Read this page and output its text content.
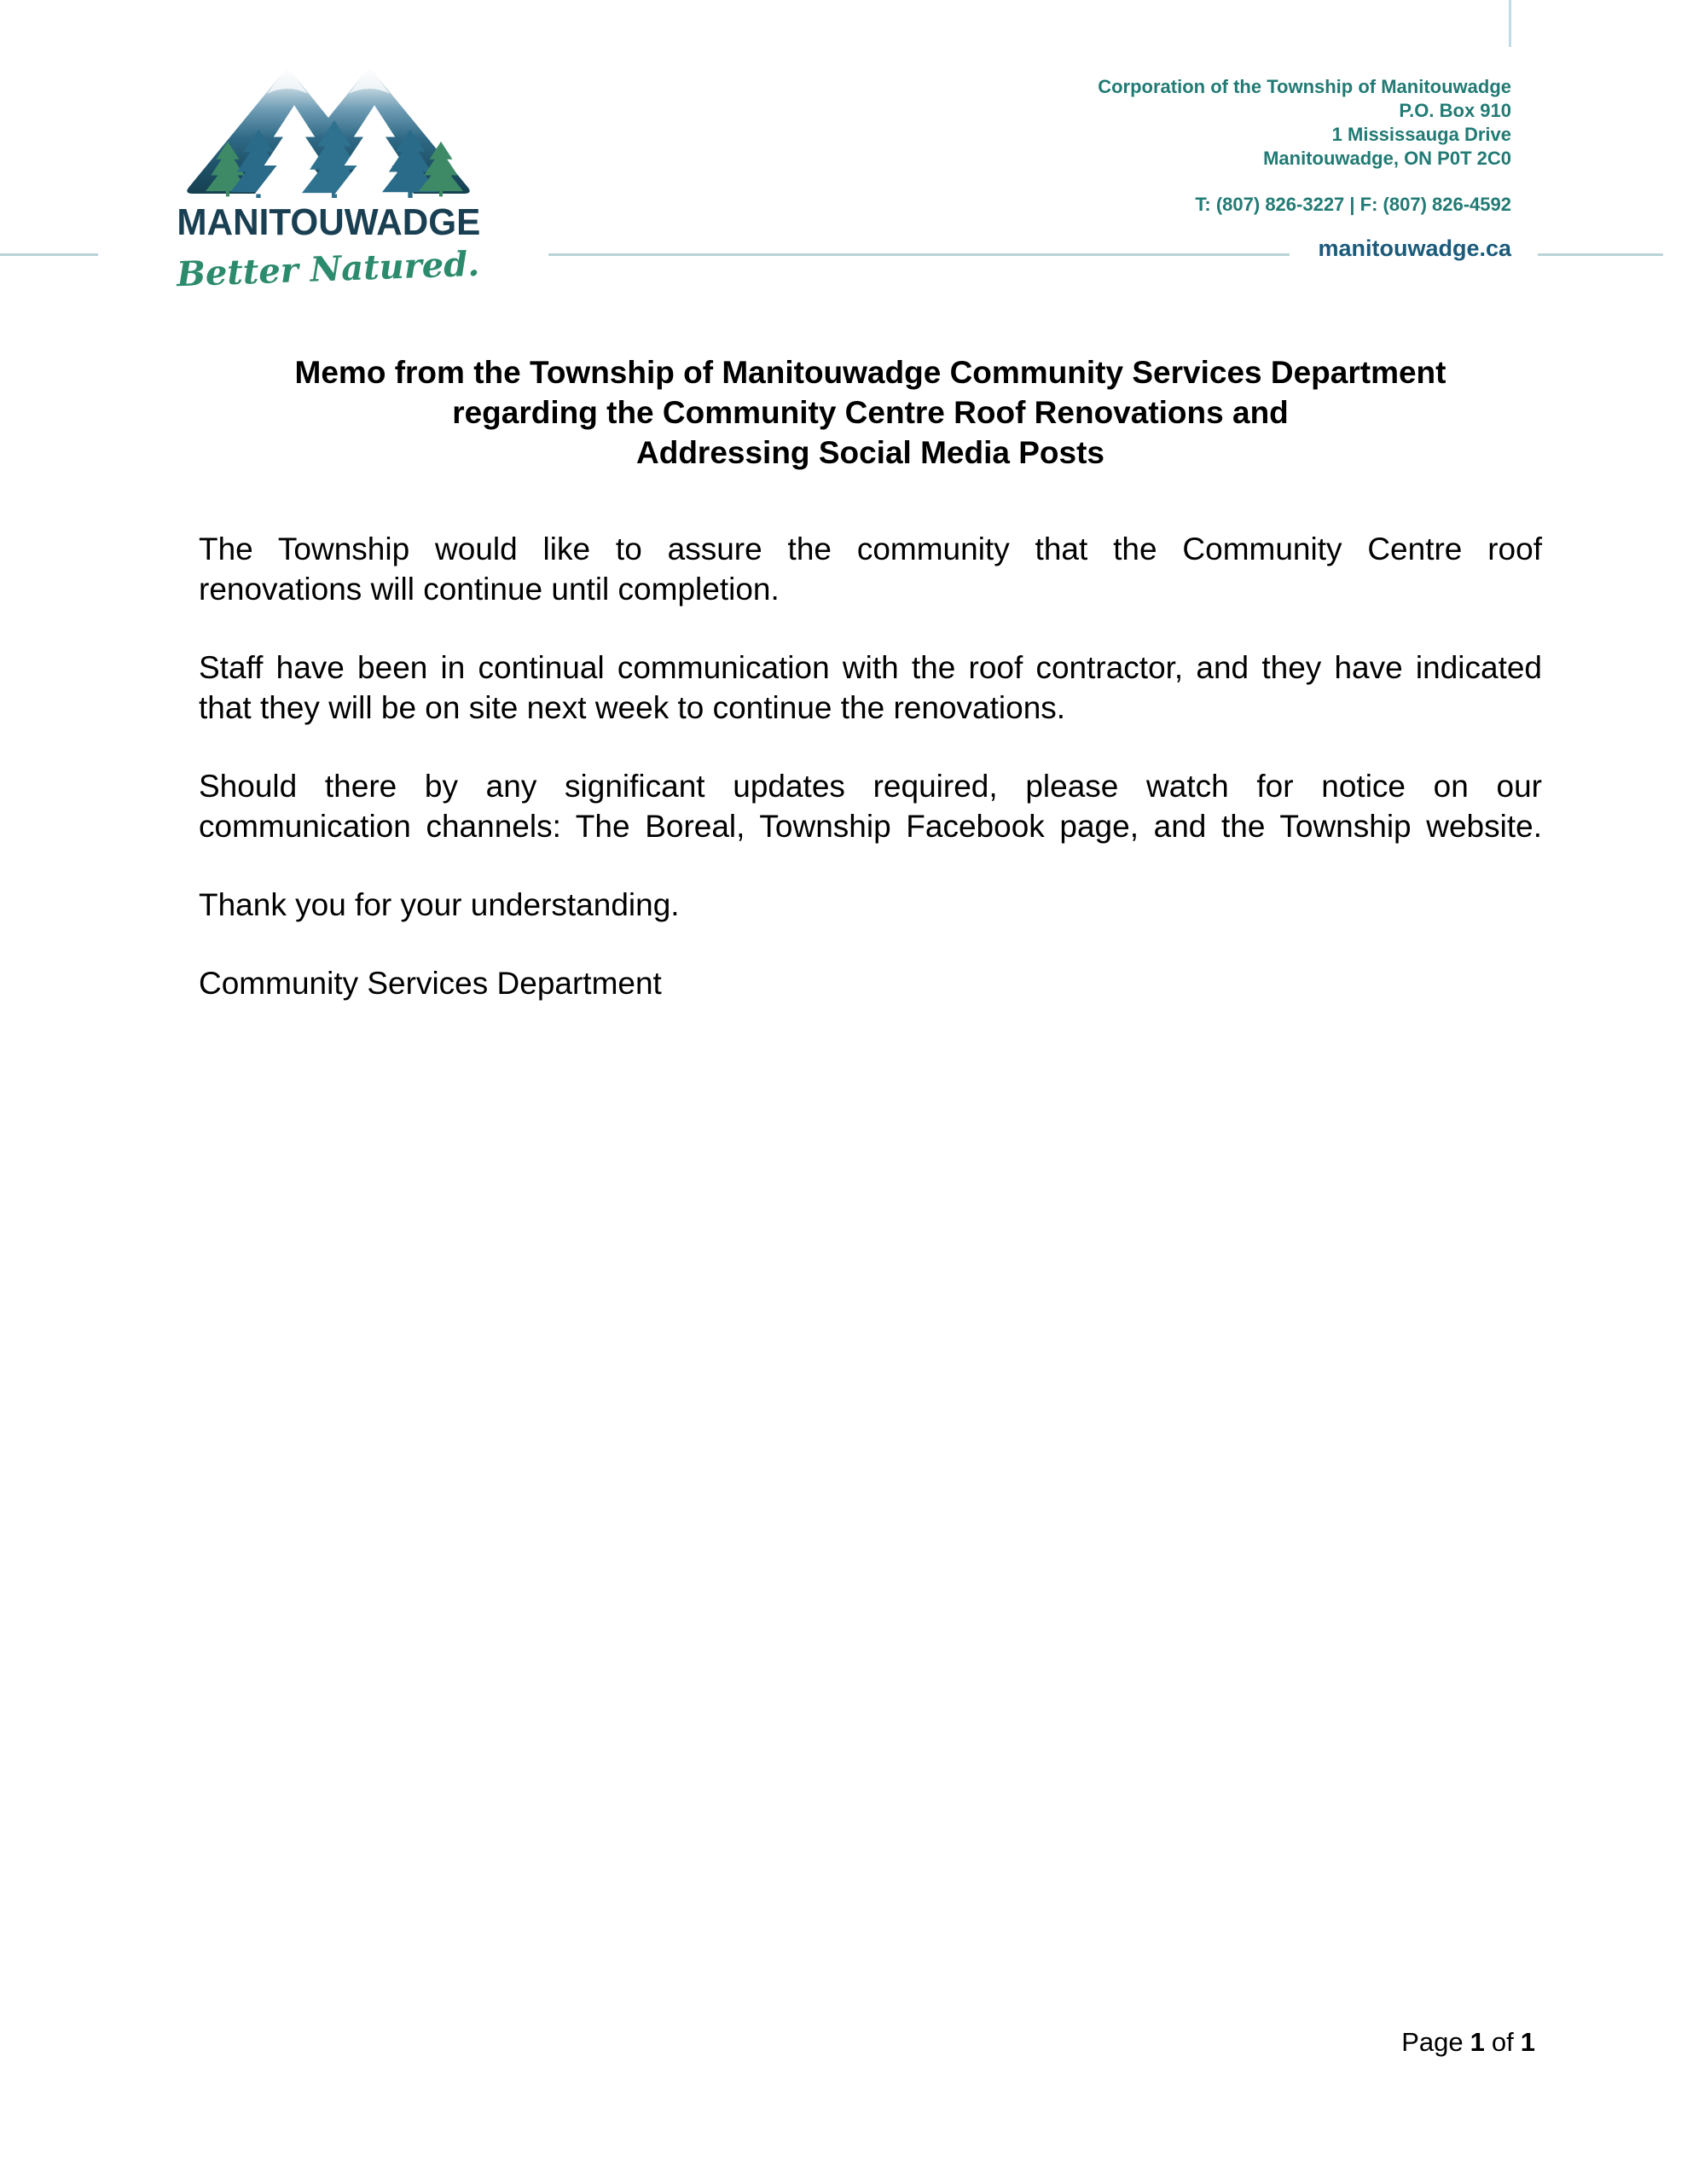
MANITOUWADGE
Better Natured.
Corporation of the Township of Manitouwadge
P.O. Box 910
1 Mississauga Drive
Manitouwadge, ON P0T 2C0
T: (807) 826-3227 | F: (807) 826-4592
manitouwadge.ca
Memo from the Township of Manitouwadge Community Services Department
regarding the Community Centre Roof Renovations and
Addressing Social Media Posts
The Township would like to assure the community that the Community Centre roof
renovations will continue until completion.
Staff have been in continual communication with the roof contractor, and they have indicated
that they will be on site next week to continue the renovations.
Should there by any significant updates required, please watch for notice on our
communication channels: The Boreal, Township Facebook page, and the Township website.
Thank you for your understanding.
Community Services Department
Page 1 of 1
